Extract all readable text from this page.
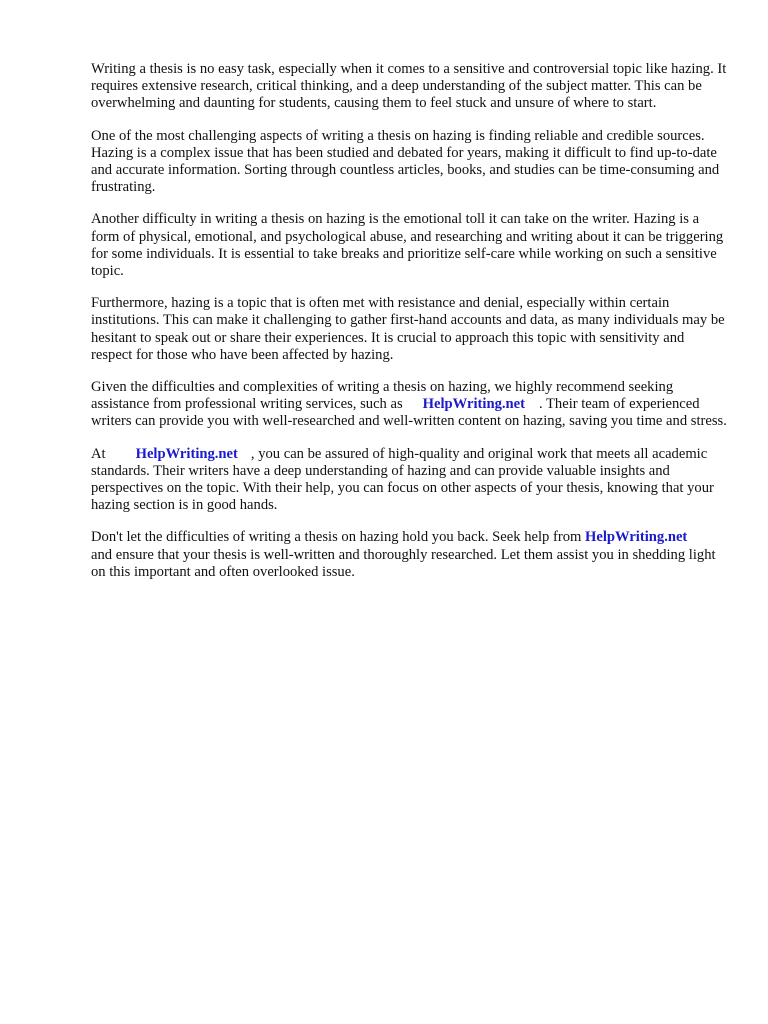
Writing a thesis is no easy task, especially when it comes to a sensitive and controversial topic like hazing. It requires extensive research, critical thinking, and a deep understanding of the subject matter. This can be overwhelming and daunting for students, causing them to feel stuck and unsure of where to start.

One of the most challenging aspects of writing a thesis on hazing is finding reliable and credible sources. Hazing is a complex issue that has been studied and debated for years, making it difficult to find up-to-date and accurate information. Sorting through countless articles, books, and studies can be time-consuming and frustrating.

Another difficulty in writing a thesis on hazing is the emotional toll it can take on the writer. Hazing is a form of physical, emotional, and psychological abuse, and researching and writing about it can be triggering for some individuals. It is essential to take breaks and prioritize self-care while working on such a sensitive topic.

Furthermore, hazing is a topic that is often met with resistance and denial, especially within certain institutions. This can make it challenging to gather first-hand accounts and data, as many individuals may be hesitant to speak out or share their experiences. It is crucial to approach this topic with sensitivity and respect for those who have been affected by hazing.

Given the difficulties and complexities of writing a thesis on hazing, we highly recommend seeking assistance from professional writing services, such as HelpWriting.net . Their team of experienced writers can provide you with well-researched and well-written content on hazing, saving you time and stress.

At HelpWriting.net , you can be assured of high-quality and original work that meets all academic standards. Their writers have a deep understanding of hazing and can provide valuable insights and perspectives on the topic. With their help, you can focus on other aspects of your thesis, knowing that your hazing section is in good hands.

Don't let the difficulties of writing a thesis on hazing hold you back. Seek help from HelpWriting.netand ensure that your thesis is well-written and thoroughly researched. Let them assist you in shedding light on this important and often overlooked issue.
